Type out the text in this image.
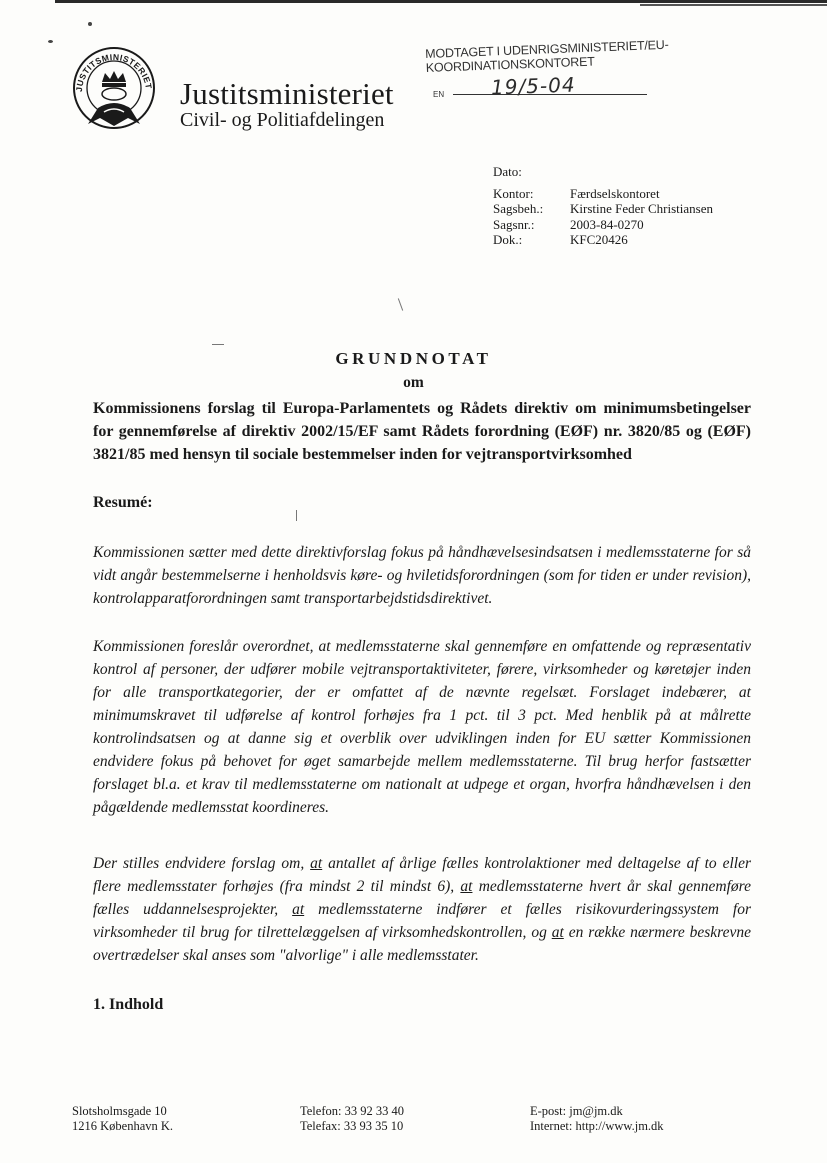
JUSTITSMINISTERIET Justitsministeriet
Civil- og Politiafdelingen
MODTAGET I UDENRIGSMINISTERIET/EU-KOORDINATIONSKONTORET
EN 19/5-04
Dato:
Kontor:	Færdselskontoret
Sagsbeh.:	Kirstine Feder Christiansen
Sagsnr.:	2003-84-0270
Dok.:	KFC20426
GRUNDNOTAT
om
Kommissionens forslag til Europa-Parlamentets og Rådets direktiv om minimumsbetingelser for gennemførelse af direktiv 2002/15/EF samt Rådets forordning (EØF) nr. 3820/85 og (EØF) 3821/85 med hensyn til sociale bestemmelser inden for vejtransportvirksomhed
Resumé:

Kommissionen sætter med dette direktivforslag fokus på håndhævelsesindsatsen i medlemsstaterne for så vidt angår bestemmelserne i henholdsvis køre- og hviletidsforordningen (som for tiden er under revision), kontrolapparatforordningen samt transportarbejdstidsdirektivet.

Kommissionen foreslår overordnet, at medlemsstaterne skal gennemføre en omfattende og repræsentativ kontrol af personer, der udfører mobile vejtransportaktiviteter, førere, virksomheder og køretøjer inden for alle transportkategorier, der er omfattet af de nævnte regelsæt. Forslaget indebærer, at minimumskravet til udførelse af kontrol forhøjes fra 1 pct. til 3 pct. Med henblik på at målrette kontrolindsatsen og at danne sig et overblik over udviklingen inden for EU sætter Kommissionen endvidere fokus på behovet for øget samarbejde mellem medlemsstaterne. Til brug herfor fastsætter forslaget bl.a. et krav til medlemsstaterne om nationalt at udpege et organ, hvorfra håndhævelsen i den pågældende medlemsstat koordineres.

Der stilles endvidere forslag om, at antallet af årlige fælles kontrolaktioner med deltagelse af to eller flere medlemsstater forhøjes (fra mindst 2 til mindst 6), at medlemsstaterne hvert år skal gennemføre fælles uddannelsesprojekter, at medlemsstaterne indfører et fælles risikovurderingssystem for virksomheder til brug for tilrettelæggelsen af virksomhedskontrollen, og at en række nærmere beskrevne overtrædelser skal anses som "alvorlige" i alle medlemsstater.

1. Indhold
Slotsholmsgade 10
1216 København K.
Telefon: 33 92 33 40
Telefax: 33 93 35 10
E-post: jm@jm.dk
Internet: http://www.jm.dk
